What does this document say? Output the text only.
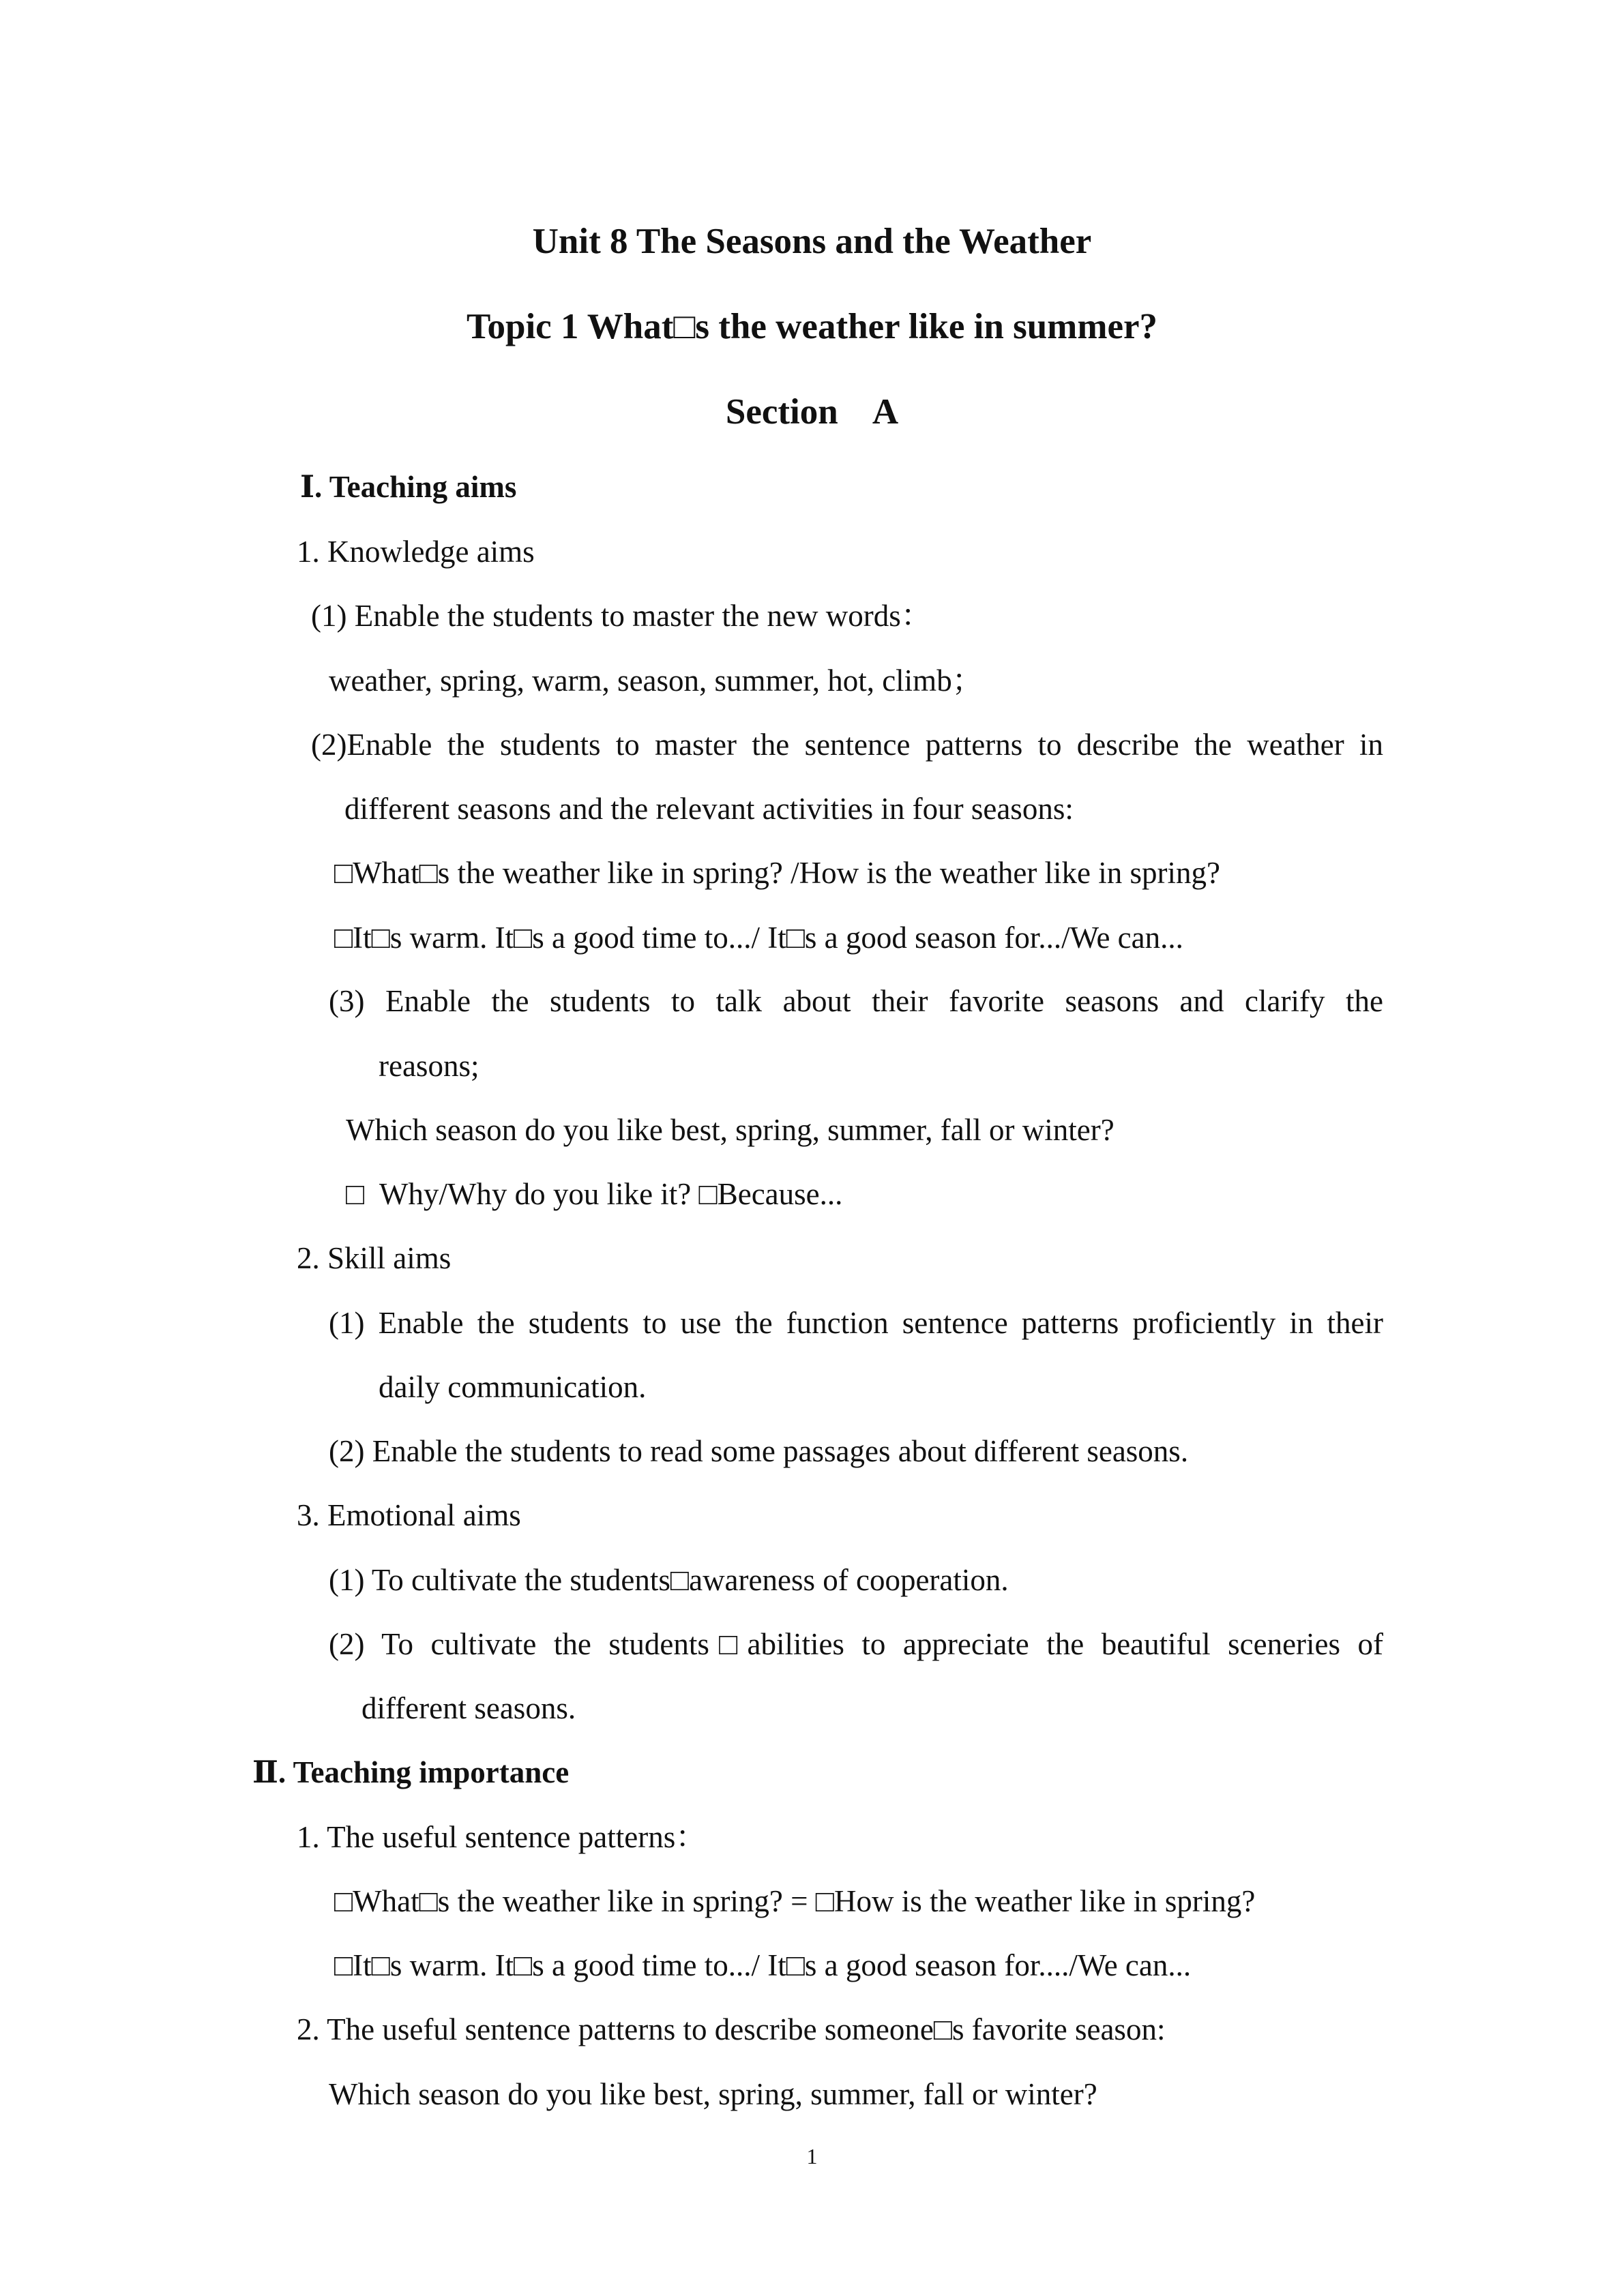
Unit 8 The Seasons and the Weather
Topic 1 What□s the weather like in summer?
Section    A
Ⅰ. Teaching aims
1. Knowledge aims
(1) Enable the students to master the new words：
weather, spring, warm, season, summer, hot, climb；
(2)Enable the students to master the sentence patterns to describe the weather in
different seasons and the relevant activities in four seasons:
□What□s the weather like in spring? /How is the weather like in spring?
□It□s warm. It□s a good time to.../ It□s a good season for.../We can...
(3) Enable the students to talk about their favorite seasons and clarify the
reasons;
Which season do you like best, spring, summer, fall or winter?
□  Why/Why do you like it? □Because...
2. Skill aims
(1) Enable the students to use the function sentence patterns proficiently in their
daily communication.
(2) Enable the students to read some passages about different seasons.
3. Emotional aims
(1) To cultivate the students□awareness of cooperation.
(2) To cultivate the students□abilities to appreciate the beautiful sceneries of
different seasons.
Ⅱ. Teaching importance
1. The useful sentence patterns：
□What□s the weather like in spring? = □How is the weather like in spring?
□It□s warm. It□s a good time to.../ It□s a good season for..../We can...
2. The useful sentence patterns to describe someone□s favorite season:
Which season do you like best, spring, summer, fall or winter?
1
